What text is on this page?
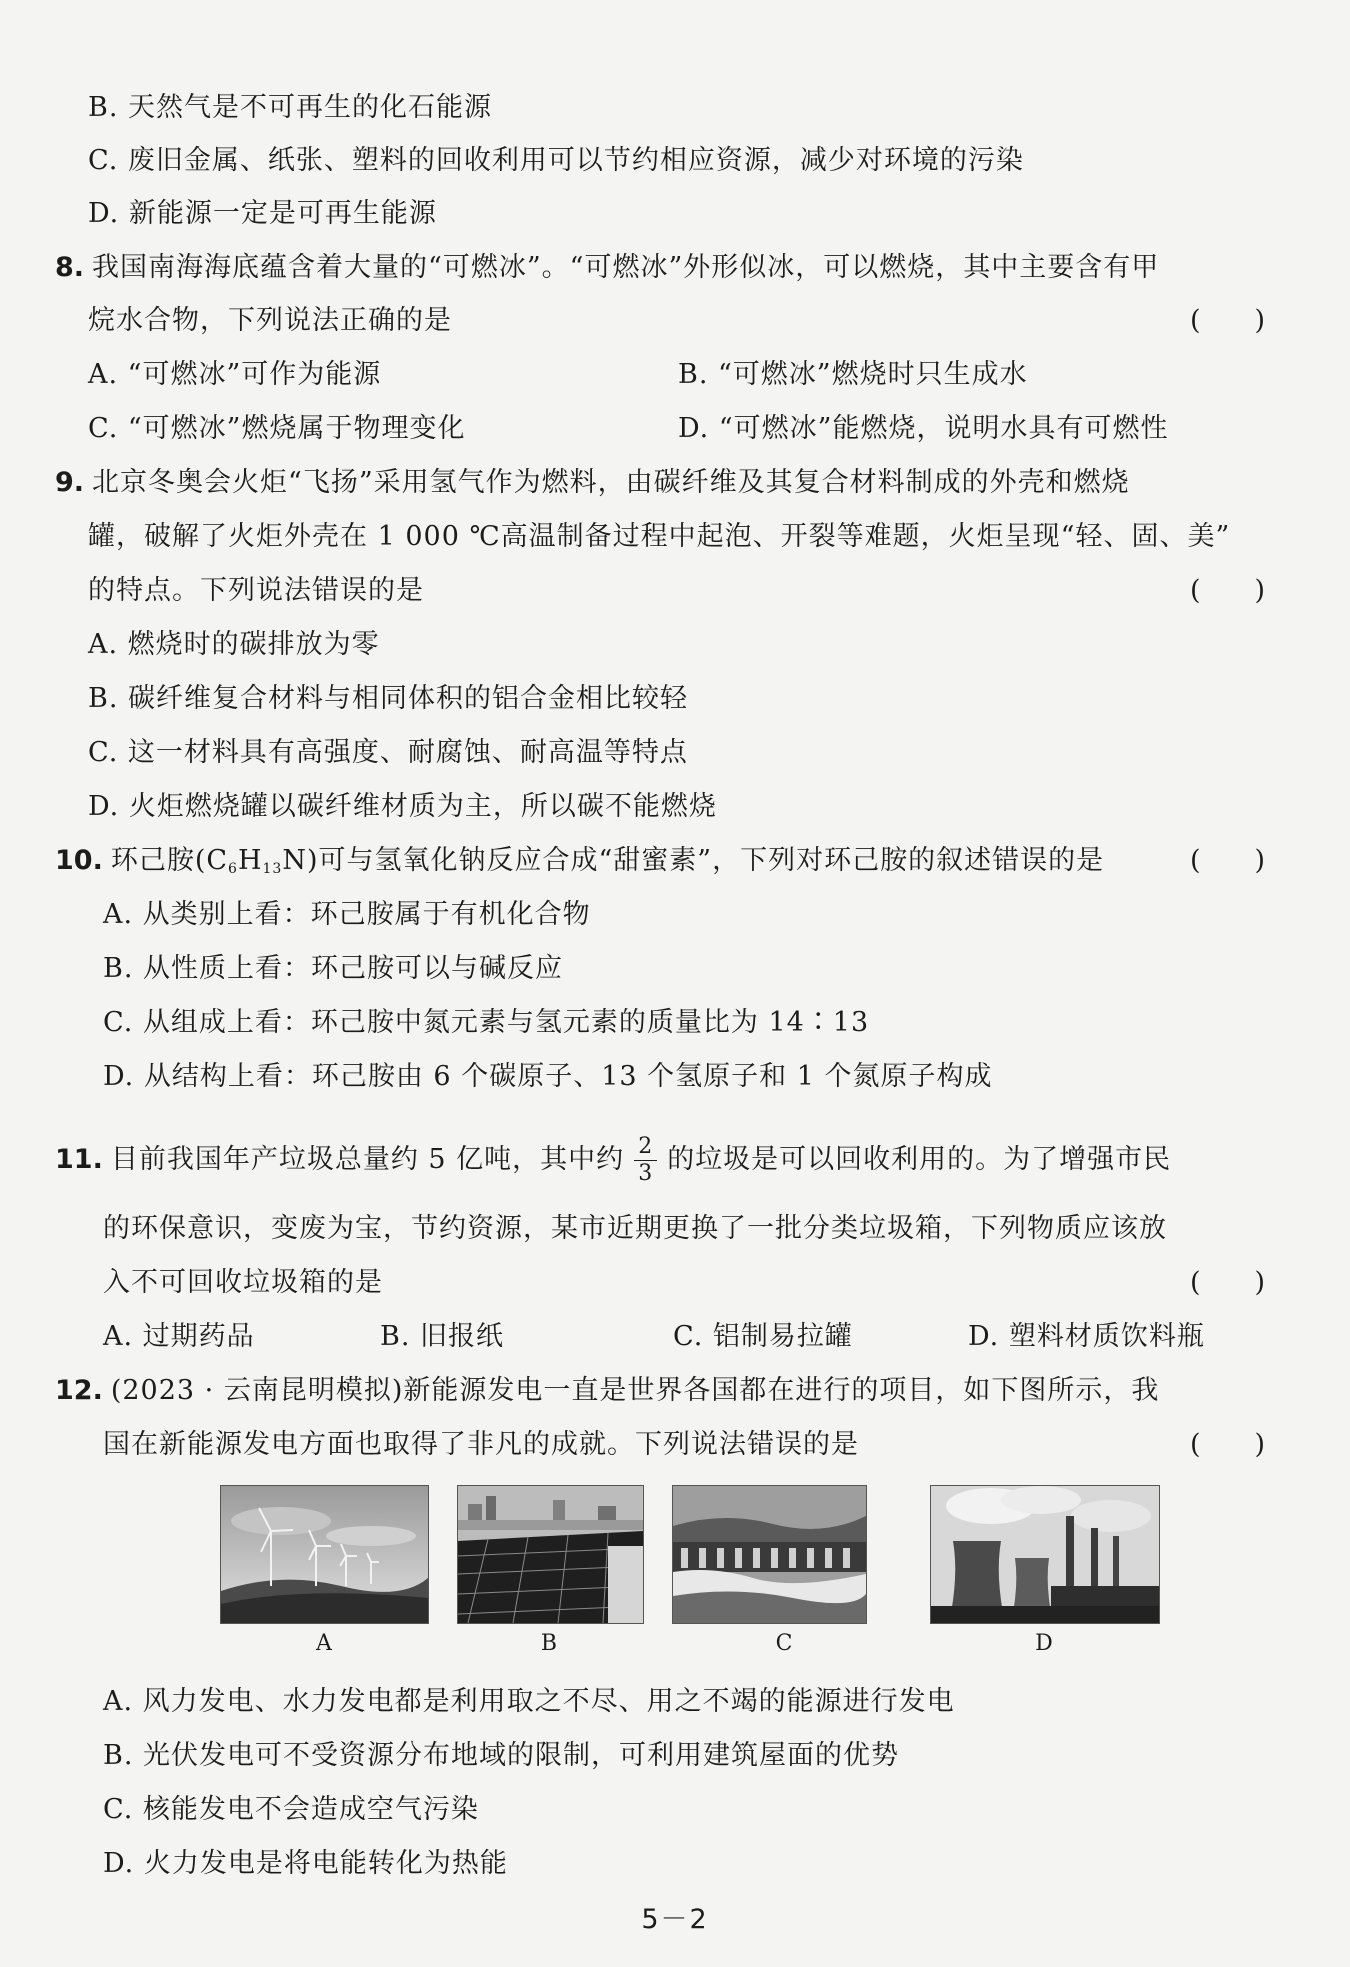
B. 天然气是不可再生的化石能源
C. 废旧金属、纸张、塑料的回收利用可以节约相应资源，减少对环境的污染
D. 新能源一定是可再生能源
8. 我国南海海底蕴含着大量的“可燃冰”。“可燃冰”外形似冰，可以燃烧，其中主要含有甲
烷水合物，下列说法正确的是	(　　)
A. “可燃冰”可作为能源	B. “可燃冰”燃烧时只生成水
C. “可燃冰”燃烧属于物理变化	D. “可燃冰”能燃烧，说明水具有可燃性
9. 北京冬奥会火炬“飞扬”采用氢气作为燃料，由碳纤维及其复合材料制成的外壳和燃烧
罐，破解了火炬外壳在 1 000 ℃高温制备过程中起泡、开裂等难题，火炬呈现“轻、固、美”
的特点。下列说法错误的是	(　　)
A. 燃烧时的碳排放为零
B. 碳纤维复合材料与相同体积的铝合金相比较轻
C. 这一材料具有高强度、耐腐蚀、耐高温等特点
D. 火炬燃烧罐以碳纤维材质为主，所以碳不能燃烧
10. 环己胺$(C_6H_{13}N)$可与氢氧化钠反应合成“甜蜜素”，下列对环己胺的叙述错误的是	(　　)
A. 从类别上看：环己胺属于有机化合物
B. 从性质上看：环己胺可以与碱反应
C. 从组成上看：环己胺中氮元素与氢元素的质量比为 14∶13
D. 从结构上看：环己胺由 6 个碳原子、13 个氢原子和 1 个氮原子构成
11. 目前我国年产垃圾总量约 5 亿吨，其中约 $\frac{2}{3}$ 的垃圾是可以回收利用的。为了增强市民
的环保意识，变废为宝，节约资源，某市近期更换了一批分类垃圾箱，下列物质应该放
入不可回收垃圾箱的是	(　　)
A. 过期药品	B. 旧报纸	C. 铝制易拉罐	D. 塑料材质饮料瓶
12. (2023 · 云南昆明模拟)新能源发电一直是世界各国都在进行的项目，如下图所示，我
国在新能源发电方面也取得了非凡的成就。下列说法错误的是	(　　)
A	B	C	D
A. 风力发电、水力发电都是利用取之不尽、用之不竭的能源进行发电
B. 光伏发电可不受资源分布地域的限制，可利用建筑屋面的优势
C. 核能发电不会造成空气污染
D. 火力发电是将电能转化为热能
5－2
